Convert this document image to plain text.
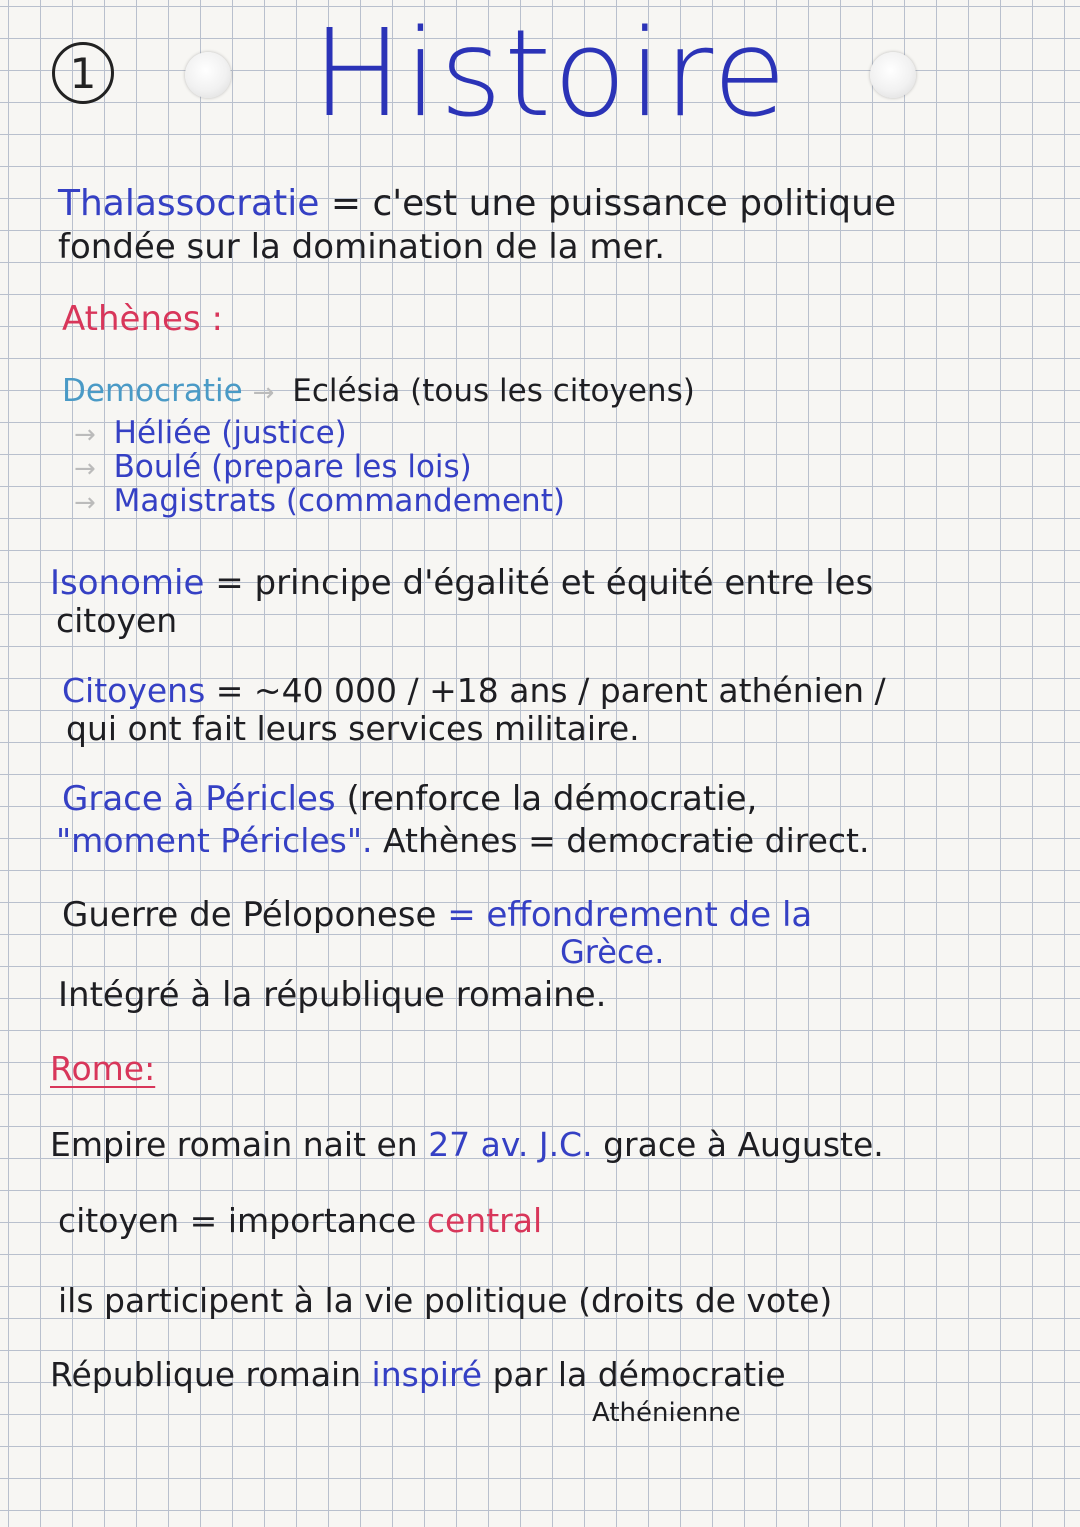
1 Histoire
Thalassocratie = c'est une puissance politique
fondée sur la domination de la mer.
Athènes :
Democratie → Eclésia (tous les citoyens)
→ Héliée (justice)
→ Boulé (prepare les lois)
→ Magistrats (commandement)
Isonomie = principe d'égalité et équité entre les
citoyen
Citoyens = ~40 000 / +18 ans / parent athénien /
qui ont fait leurs services militaire.
Grace à Péricles (renforce la démocratie,
"moment Péricles". Athènes = democratie direct.
Guerre de Péloponese = effondrement de la
Grèce.
Intégré à la république romaine.
Rome:
Empire romain nait en 27 av. J.C. grace à Auguste.
citoyen = importance central
ils participent à la vie politique (droits de vote)
République romain inspiré par la démocratie
Athénienne
